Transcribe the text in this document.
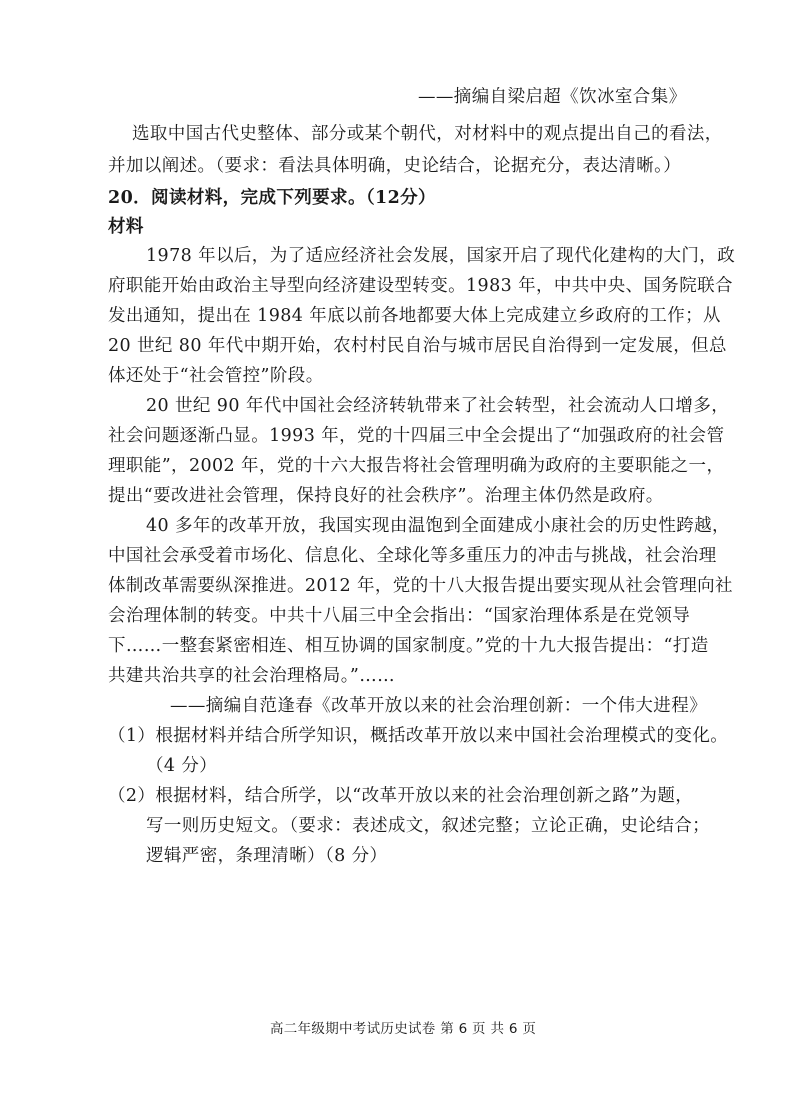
——摘编自梁启超《饮冰室合集》
选取中国古代史整体、部分或某个朝代，对材料中的观点提出自己的看法，
并加以阐述。（要求：看法具体明确，史论结合，论据充分，表达清晰。）
20．阅读材料，完成下列要求。（12分）
材料
1978 年以后，为了适应经济社会发展，国家开启了现代化建构的大门，政
府职能开始由政治主导型向经济建设型转变。1983 年，中共中央、国务院联合
发出通知，提出在 1984 年底以前各地都要大体上完成建立乡政府的工作；从
20 世纪 80 年代中期开始，农村村民自治与城市居民自治得到一定发展，但总
体还处于“社会管控”阶段。
20 世纪 90 年代中国社会经济转轨带来了社会转型，社会流动人口增多，
社会问题逐渐凸显。1993 年，党的十四届三中全会提出了“加强政府的社会管
理职能”，2002 年，党的十六大报告将社会管理明确为政府的主要职能之一，
提出“要改进社会管理，保持良好的社会秩序”。治理主体仍然是政府。
40 多年的改革开放，我国实现由温饱到全面建成小康社会的历史性跨越，
中国社会承受着市场化、信息化、全球化等多重压力的冲击与挑战，社会治理
体制改革需要纵深推进。2012 年，党的十八大报告提出要实现从社会管理向社
会治理体制的转变。中共十八届三中全会指出：“国家治理体系是在党领导
下……一整套紧密相连、相互协调的国家制度。”党的十九大报告提出：“打造
共建共治共享的社会治理格局。”……
——摘编自范逢春《改革开放以来的社会治理创新：一个伟大进程》
（1）根据材料并结合所学知识，概括改革开放以来中国社会治理模式的变化。
（4 分）
（2）根据材料，结合所学，以“改革开放以来的社会治理创新之路”为题，
写一则历史短文。（要求：表述成文，叙述完整；立论正确，史论结合；
逻辑严密，条理清晰）（8 分）
高二年级期中考试历史试卷 第 6 页 共 6 页
